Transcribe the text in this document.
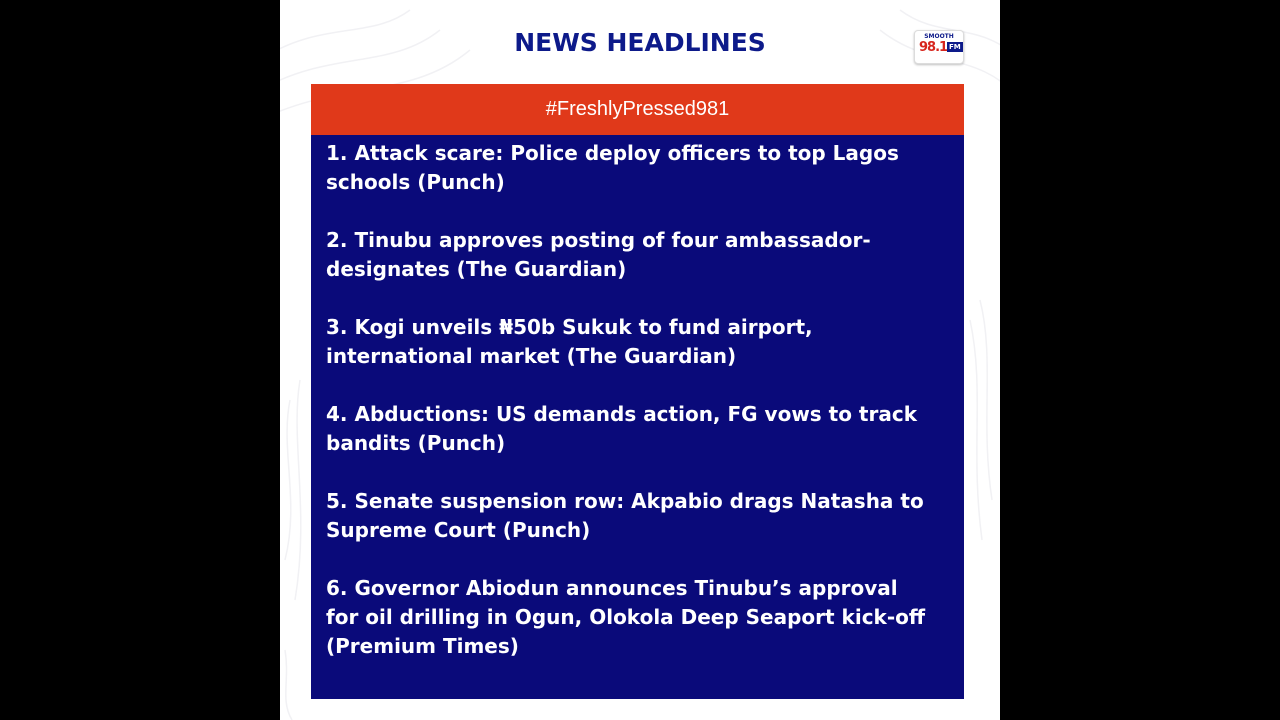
NEWS HEADLINES	SMOOTH
98.1 FM
#FreshlyPressed981
1. Attack scare: Police deploy officers to top Lagos schools (Punch)
2. Tinubu approves posting of four ambassador-designates (The Guardian)
3. Kogi unveils ₦50b Sukuk to fund airport, international market (The Guardian)
4. Abductions: US demands action, FG vows to track bandits (Punch)
5. Senate suspension row: Akpabio drags Natasha to Supreme Court (Punch)
6. Governor Abiodun announces Tinubu’s approval for oil drilling in Ogun, Olokola Deep Seaport kick-off (Premium Times)
